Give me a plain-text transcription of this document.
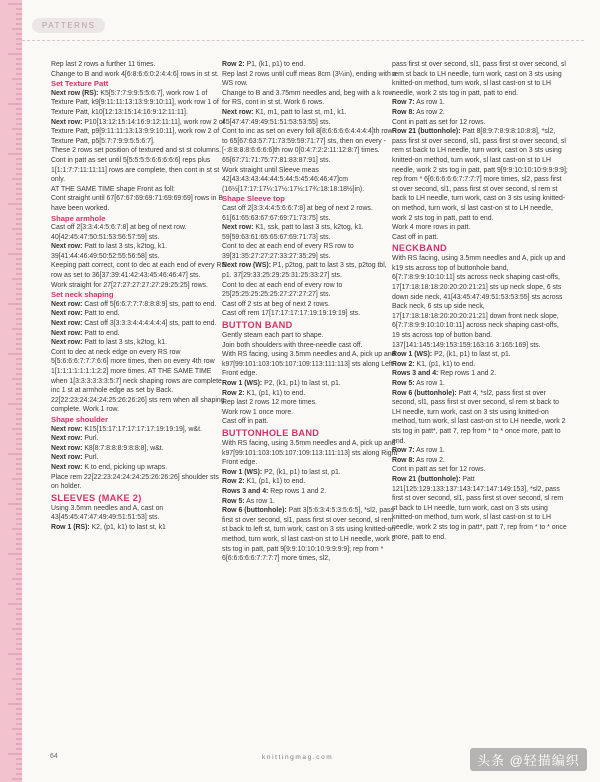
PATTERNS

Rep last 2 rows a further 11 times.

Change to B and work 4[6:8:6:6:0:2:4:4:6] rows in st st.

Set Texture Patt

Next row (RS): K5[5:7:7:9:9:5:5:6:7], work row 1 of Texture Patt, k9[9:11:11:13:13:9:9:10:11], work row 1 of Texture Patt, k10[12:13:15:14:16:9:12:11:11].

Next row: P10[13:12:15:14:16:9:12:11:11], work row 2 of Texture Patt, p9[9:11:11:13:13:9:9:10:11], work row 2 of Texture Patt, p5[5:7:7:9:9:5:5:6:7].

These 2 rows set position of textured and st st columns.

Cont in patt as set until 5[5:5:5:5:6:6:6:6:6] reps plus 1[1:1:7:7:11:11:11] rows are complete, then cont in st st only.

AT THE SAME TIME shape Front as foll:

Cont straight until 67[67:67:69:69:71:69:69:69] rows in B have been worked.

Shape armhole

Cast off 2[3:3:4:4:5:6:7:8] at beg of next row. 40[42:45:47:50:51:53:56:57:59] sts.

Next row: Patt to last 3 sts, k2tog, k1. 39[41:44:46:49:50:52:55:56:58] sts.

Keeping patt correct, cont to dec at each end of every RS row as set to 36[37:39:41:42:43:45:46:46:47] sts.

Work straight for 27[27:27:27:27:27:29:25:25] rows.

Set neck shaping

Next row: Cast off 5[6:6:7:7:7:8:8:8:9] sts, patt to end.

Next row: Patt to end.

Next row: Cast off 3[3:3:3:4:4:4:4:4:4] sts, patt to end.

Next row: Patt to end.

Next row: Patt to last 3 sts, k2tog, k1.

Cont to dec at neck edge on every RS row 5[5:6:6:6:7:7:7:6:6] more times, then on every 4th row 1[1:1:1:1:1:1:1:2:2] more times. AT THE SAME TIME when 1[3:3:3:3:3:3:5:7] neck shaping rows are complete, inc 1 st at armhole edge as set by Back. 22[22:23:24:24:24:25:26:26:26] sts rem when all shaping complete. Work 1 row.

Shape shoulder

Next row: K15[15:17:17:17:17:17:19:19:19], w&t.

Next row: Purl.

Next row: K8[8:7:8:8:8:9:8:8:8], w&t.

Next row: Purl.

Next row: K to end, picking up wraps.

Place rem 22[22:23:24:24:24:25:26:26:26] shoulder sts on holder.

SLEEVES (MAKE 2)

Using 3.5mm needles and A, cast on 43[45:45:47:47:49:49:51:51:53] sts.

Row 1 (RS): K2, (p1, k1) to last st, k1

Row 2: P1, (k1, p1) to end.

Rep last 2 rows until cuff meas 8cm (3¼in), ending with a WS row.

Change to B and 3.75mm needles and, beg with a k row for RS, cont in st st. Work 6 rows.

Next row: K1, m1, patt to last st, m1, k1. 45[47:47:49:49:51:51:53:53:55] sts.

Cont to inc as set on every foll 8[8:6:6:6:6:4:4:4:4]th row to 65[67:63:57:71:73:59:59:71:77] sts, then on every -[-:8:8:8:8:6:6:6:6]th row 0[0:4:7:2:2:11:12:8:7] times. 65[67:71:71:75:77:81:83:87:91] sts.

Work straight until Sleeve meas 42[43:43:43:44:44:5:44:5:45:46:46:47]cm (16½[17:17:17¼:17½:17½:17¾:18:18:18½]in).

Shape Sleeve top

Cast off 2[3:3:4:4:5:6:6:7:8] at beg of next 2 rows. 61[61:65:63:67:67:69:71:73:75] sts.

Next row: K1, ssk, patt to last 3 sts, k2tog, k1. 59[59:63:61:65:65:67:69:71:73] sts.

Cont to dec at each end of every RS row to 39[31:35:27:27:27:33:27:35:29] sts.

Next row (WS): P1, p2tog, patt to last 3 sts, p2tog tbl, p1. 37[29:33:25:29:25:31:25:33:27] sts.

Cont to dec at each end of every row to 25[25:25:25:25:25:27:27:27:27] sts.

Cast off 2 sts at beg of next 2 rows.

Cast off rem 17[17:17:17:17:19:19:19:19] sts.

BUTTON BAND

Gently steam each part to shape.

Join both shoulders with three-needle cast off.

With RS facing, using 3.5mm needles and A, pick up and k97[99:101:103:105:107:109:113:111:113] sts along Left Front edge.

Row 1 (WS): P2, (k1, p1) to last st, p1.

Row 2: K1, (p1, k1) to end.

Rep last 2 rows 12 more times.

Work row 1 once more.

Cast off in patt.

BUTTONHOLE BAND

With RS facing, using 3.5mm needles and A, pick up and k97[99:101:103:105:107:109:113:111:113] sts along Right Front edge.

Row 1 (WS): P2, (k1, p1) to last st, p1.

Row 2: K1, (p1, k1) to end.

Rows 3 and 4: Rep rows 1 and 2.

Row 5: As row 1.

Row 6 (buttonhole): Patt 3[5:6:3:4:5:3:5:6:5], *sl2, pass first st over second, sl1, pass first st over second, sl rem st back to left st, turn work, cast on 3 sts using knitted-on method, turn work, sl last cast-on st to LH needle, work 2 sts tog in patt, patt 9[9:9:10:10:10:9:9:9:9]; rep from * 6[6:6:6:6:6:7:7:7:7] more times, sl2,

pass first st over second, sl1, pass first st over second, sl rem st back to LH needle, turn work, cast on 3 sts using knitted-on method, turn work, sl last cast-on st to LH needle, work 2 sts tog in patt, patt to end.

Row 7: As row 1.

Row 8: As row 2.

Cont in patt as set for 12 rows.

Row 21 (buttonhole): Patt 8[8:9:7:8:9:8:10:8:8], *sl2, pass first st over second, sl1, pass first st over second, sl rem st back to LH needle, turn work, cast on 3 sts using knitted-on method, turn work, sl last cast-on st to LH needle, work 2 sts tog in patt, patt 9[9:9:10:10:10:9:9:9:9]; rep from * 6[6:6:6:6:6:7:7:7:7] more times, sl2, pass first st over second, sl1, pass first st over second, sl rem st back to LH needle, turn work, cast on 3 sts using knitted-on method, turn work, sl last cast-on st to LH needle, work 2 sts tog in patt, patt to end.

Work 4 more rows in patt.

Cast off in patt.

NECKBAND

With RS facing, using 3.5mm needles and A, pick up and k19 sts across top of buttonhole band, 6[7:7:8:9:9:10:10:11] sts across neck shaping cast-offs, 17[17:18:18:18:20:20:20:21:21] sts up neck slope, 6 sts down side neck, 41[43:45:47:49:51:53:53:55] sts across Back neck, 6 sts up side neck, 17[17:18:18:18:20:20:20:21:21] down front neck slope, 6[7:7:8:9:9:10:10:10:11] across neck shaping cast-offs, 19 sts across top of button band. 137[141:145:149:153:159:163:16 3:165:169] sts.

Row 1 (WS): P2, (k1, p1) to last st, p1.

Row 2: K1, (p1, k1) to end.

Rows 3 and 4: Rep rows 1 and 2.

Row 5: As row 1.

Row 6 (buttonhole): Patt 4, *sl2, pass first st over second, sl1, pass first st over second, sl rem st back to LH needle, turn work, cast on 3 sts using knitted-on method, turn work, sl last cast-on st to LH needle, work 2 sts tog in patt*, patt 7, rep from * to * once more, patt to end.

Row 7: As row 1.

Row 8: As row 2.

Cont in patt as set for 12 rows.

Row 21 (buttonhole): Patt 121[125:129:133:137:143:147:147:149:153], *sl2, pass first st over second, sl1, pass first st over second, sl rem st back to LH needle, turn work, cast on 3 sts using knitted-on method, turn work, sl last cast-on st to LH needle, work 2 sts tog in patt*, patt 7, rep from * to * once more, patt to end.

64	knittingmag.com	头条 @轻描编织
